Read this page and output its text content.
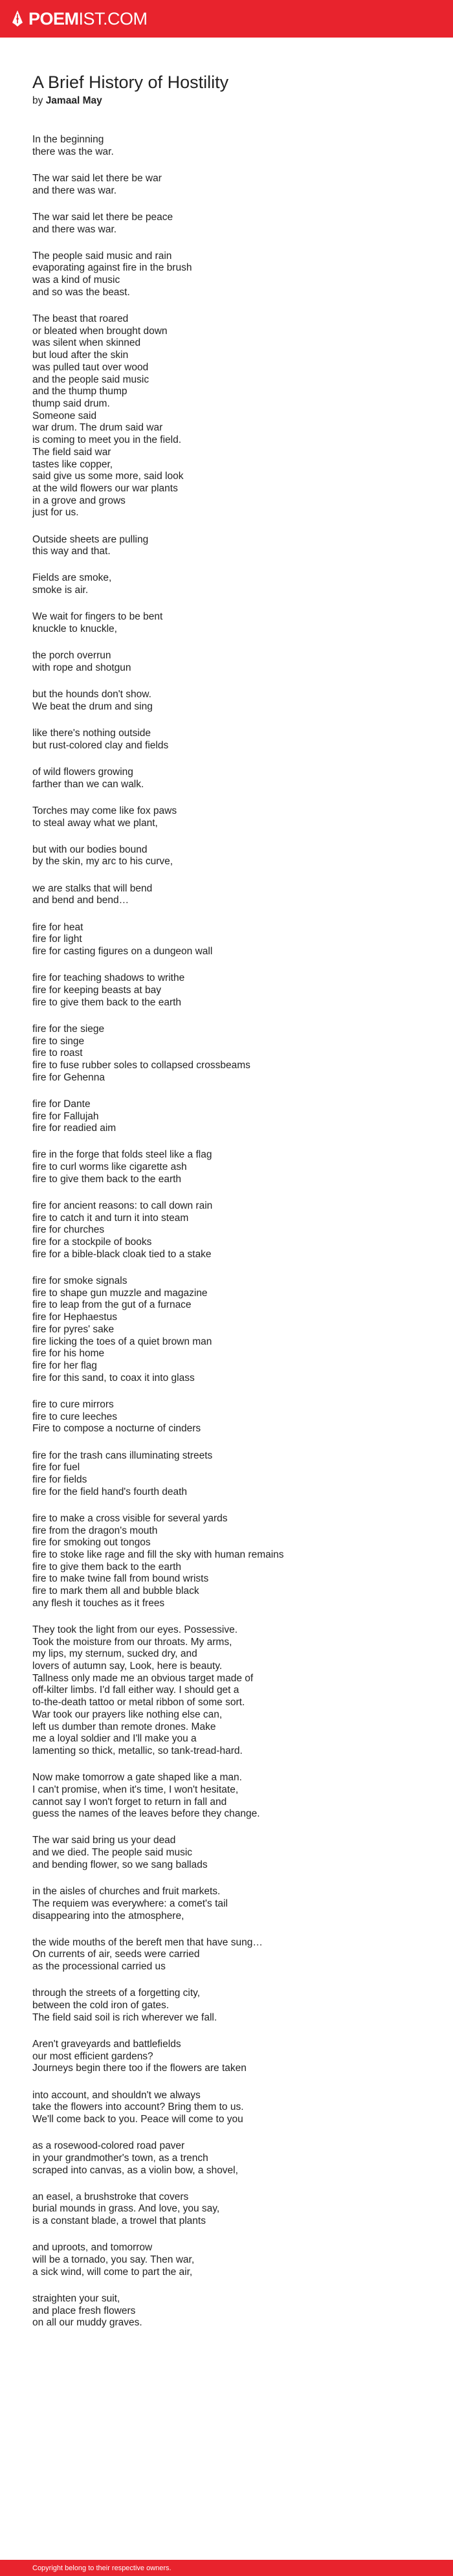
POEMIST.COM
A Brief History of Hostility
by Jamaal May
In the beginning
there was the war.
The war said let there be war
and there was war.
The war said let there be peace
and there was war.
The people said music and rain
evaporating against fire in the brush
was a kind of music
and so was the beast.
The beast that roared
or bleated when brought down
was silent when skinned
but loud after the skin
was pulled taut over wood
and the people said music
and the thump thump
thump said drum.
Someone said
war drum. The drum said war
is coming to meet you in the field.
The field said war
tastes like copper,
said give us some more, said look
at the wild flowers our war plants
in a grove and grows
just for us.
Outside sheets are pulling
this way and that.
Fields are smoke,
smoke is air.
We wait for fingers to be bent
knuckle to knuckle,
the porch overrun
with rope and shotgun
but the hounds don't show.
We beat the drum and sing
like there's nothing outside
but rust-colored clay and fields
of wild flowers growing
farther than we can walk.
Torches may come like fox paws
to steal away what we plant,
but with our bodies bound
by the skin, my arc to his curve,
we are stalks that will bend
and bend and bend…
fire for heat
fire for light
fire for casting figures on a dungeon wall
fire for teaching shadows to writhe
fire for keeping beasts at bay
fire to give them back to the earth
fire for the siege
fire to singe
fire to roast
fire to fuse rubber soles to collapsed crossbeams
fire for Gehenna
fire for Dante
fire for Fallujah
fire for readied aim
fire in the forge that folds steel like a flag
fire to curl worms like cigarette ash
fire to give them back to the earth
fire for ancient reasons: to call down rain
fire to catch it and turn it into steam
fire for churches
fire for a stockpile of books
fire for a bible-black cloak tied to a stake
fire for smoke signals
fire to shape gun muzzle and magazine
fire to leap from the gut of a furnace
fire for Hephaestus
fire for pyres' sake
fire licking the toes of a quiet brown man
fire for his home
fire for her flag
fire for this sand, to coax it into glass
fire to cure mirrors
fire to cure leeches
Fire to compose a nocturne of cinders
fire for the trash cans illuminating streets
fire for fuel
fire for fields
fire for the field hand's fourth death
fire to make a cross visible for several yards
fire from the dragon's mouth
fire for smoking out tongos
fire to stoke like rage and fill the sky with human remains
fire to give them back to the earth
fire to make twine fall from bound wrists
fire to mark them all and bubble black
any flesh it touches as it frees
They took the light from our eyes. Possessive.
Took the moisture from our throats. My arms,
my lips, my sternum, sucked dry, and
lovers of autumn say, Look, here is beauty.
Tallness only made me an obvious target made of
off-kilter limbs. I'd fall either way. I should get a
to-the-death tattoo or metal ribbon of some sort.
War took our prayers like nothing else can,
left us dumber than remote drones. Make
me a loyal soldier and I'll make you a
lamenting so thick, metallic, so tank-tread-hard.
Now make tomorrow a gate shaped like a man.
I can't promise, when it's time, I won't hesitate,
cannot say I won't forget to return in fall and
guess the names of the leaves before they change.
The war said bring us your dead
and we died. The people said music
and bending flower, so we sang ballads
in the aisles of churches and fruit markets.
The requiem was everywhere: a comet's tail
disappearing into the atmosphere,
the wide mouths of the bereft men that have sung…
On currents of air, seeds were carried
as the processional carried us
through the streets of a forgetting city,
between the cold iron of gates.
The field said soil is rich wherever we fall.
Aren't graveyards and battlefields
our most efficient gardens?
Journeys begin there too if the flowers are taken
into account, and shouldn't we always
take the flowers into account? Bring them to us.
We'll come back to you. Peace will come to you
as a rosewood-colored road paver
in your grandmother's town, as a trench
scraped into canvas, as a violin bow, a shovel,
an easel, a brushstroke that covers
burial mounds in grass. And love, you say,
is a constant blade, a trowel that plants
and uproots, and tomorrow
will be a tornado, you say. Then war,
a sick wind, will come to part the air,
straighten your suit,
and place fresh flowers
on all our muddy graves.
Copyright belong to their respective owners.
